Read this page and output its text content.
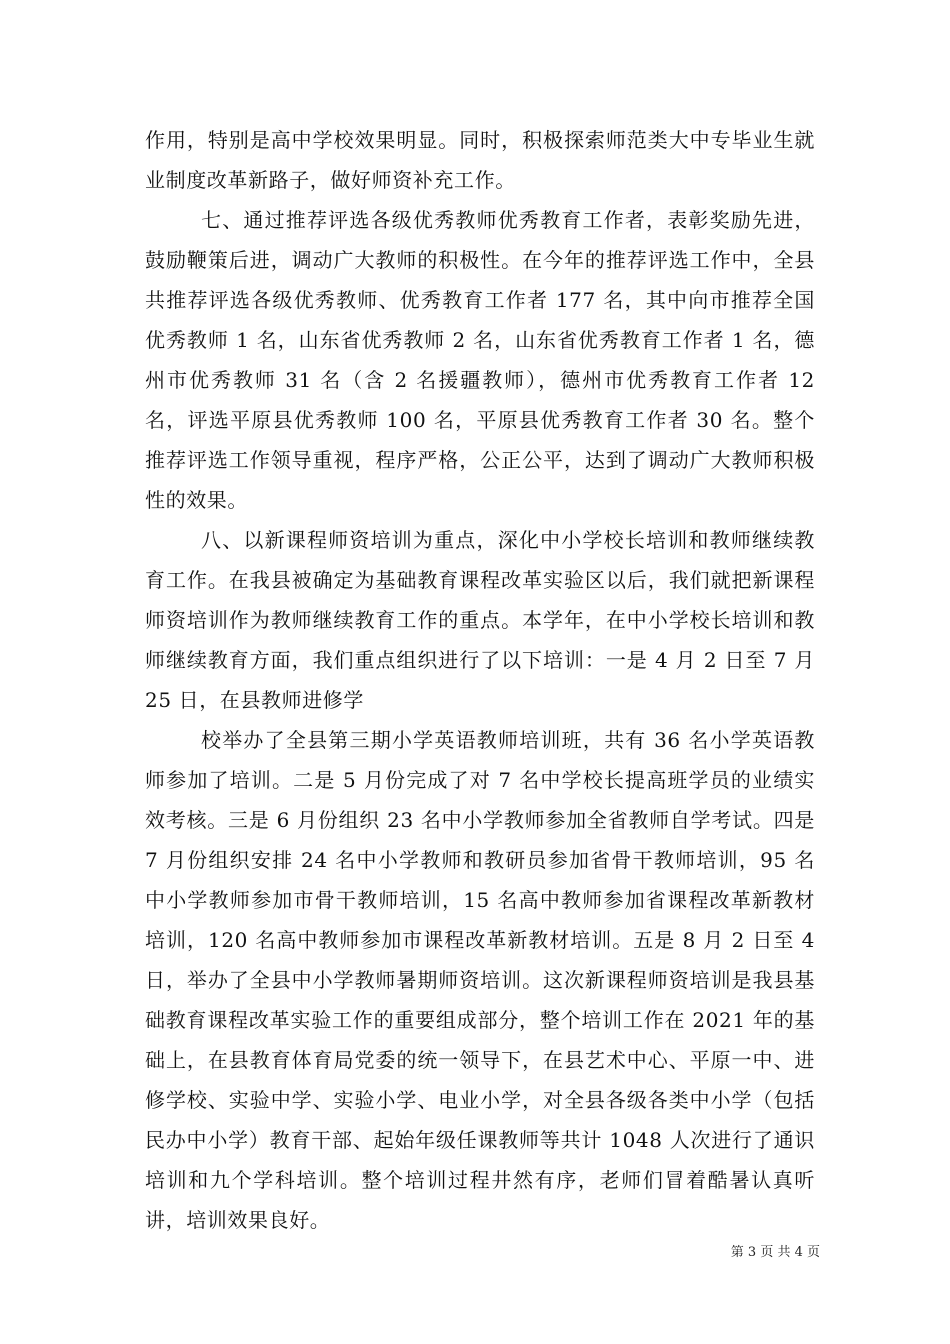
作用，特别是高中学校效果明显。同时，积极探索师范类大中专毕业生就业制度改革新路子，做好师资补充工作。

七、通过推荐评选各级优秀教师优秀教育工作者，表彰奖励先进，鼓励鞭策后进，调动广大教师的积极性。在今年的推荐评选工作中，全县共推荐评选各级优秀教师、优秀教育工作者 177 名，其中向市推荐全国优秀教师 1 名，山东省优秀教师 2 名，山东省优秀教育工作者 1 名，德州市优秀教师 31 名（含 2 名援疆教师），德州市优秀教育工作者 12 名，评选平原县优秀教师 100 名，平原县优秀教育工作者 30 名。整个推荐评选工作领导重视，程序严格，公正公平，达到了调动广大教师积极性的效果。

八、以新课程师资培训为重点，深化中小学校长培训和教师继续教育工作。在我县被确定为基础教育课程改革实验区以后，我们就把新课程师资培训作为教师继续教育工作的重点。本学年，在中小学校长培训和教师继续教育方面，我们重点组织进行了以下培训：一是 4 月 2 日至 7 月 25 日，在县教师进修学

校举办了全县第三期小学英语教师培训班，共有 36 名小学英语教师参加了培训。二是 5 月份完成了对 7 名中学校长提高班学员的业绩实效考核。三是 6 月份组织 23 名中小学教师参加全省教师自学考试。四是 7 月份组织安排 24 名中小学教师和教研员参加省骨干教师培训，95 名中小学教师参加市骨干教师培训，15 名高中教师参加省课程改革新教材培训，120 名高中教师参加市课程改革新教材培训。五是 8 月 2 日至 4 日，举办了全县中小学教师暑期师资培训。这次新课程师资培训是我县基础教育课程改革实验工作的重要组成部分，整个培训工作在 2021 年的基础上，在县教育体育局党委的统一领导下，在县艺术中心、平原一中、进修学校、实验中学、实验小学、电业小学，对全县各级各类中小学（包括民办中小学）教育干部、起始年级任课教师等共计 1048 人次进行了通识培训和九个学科培训。整个培训过程井然有序，老师们冒着酷暑认真听讲，培训效果良好。

第 3 页 共 4 页
